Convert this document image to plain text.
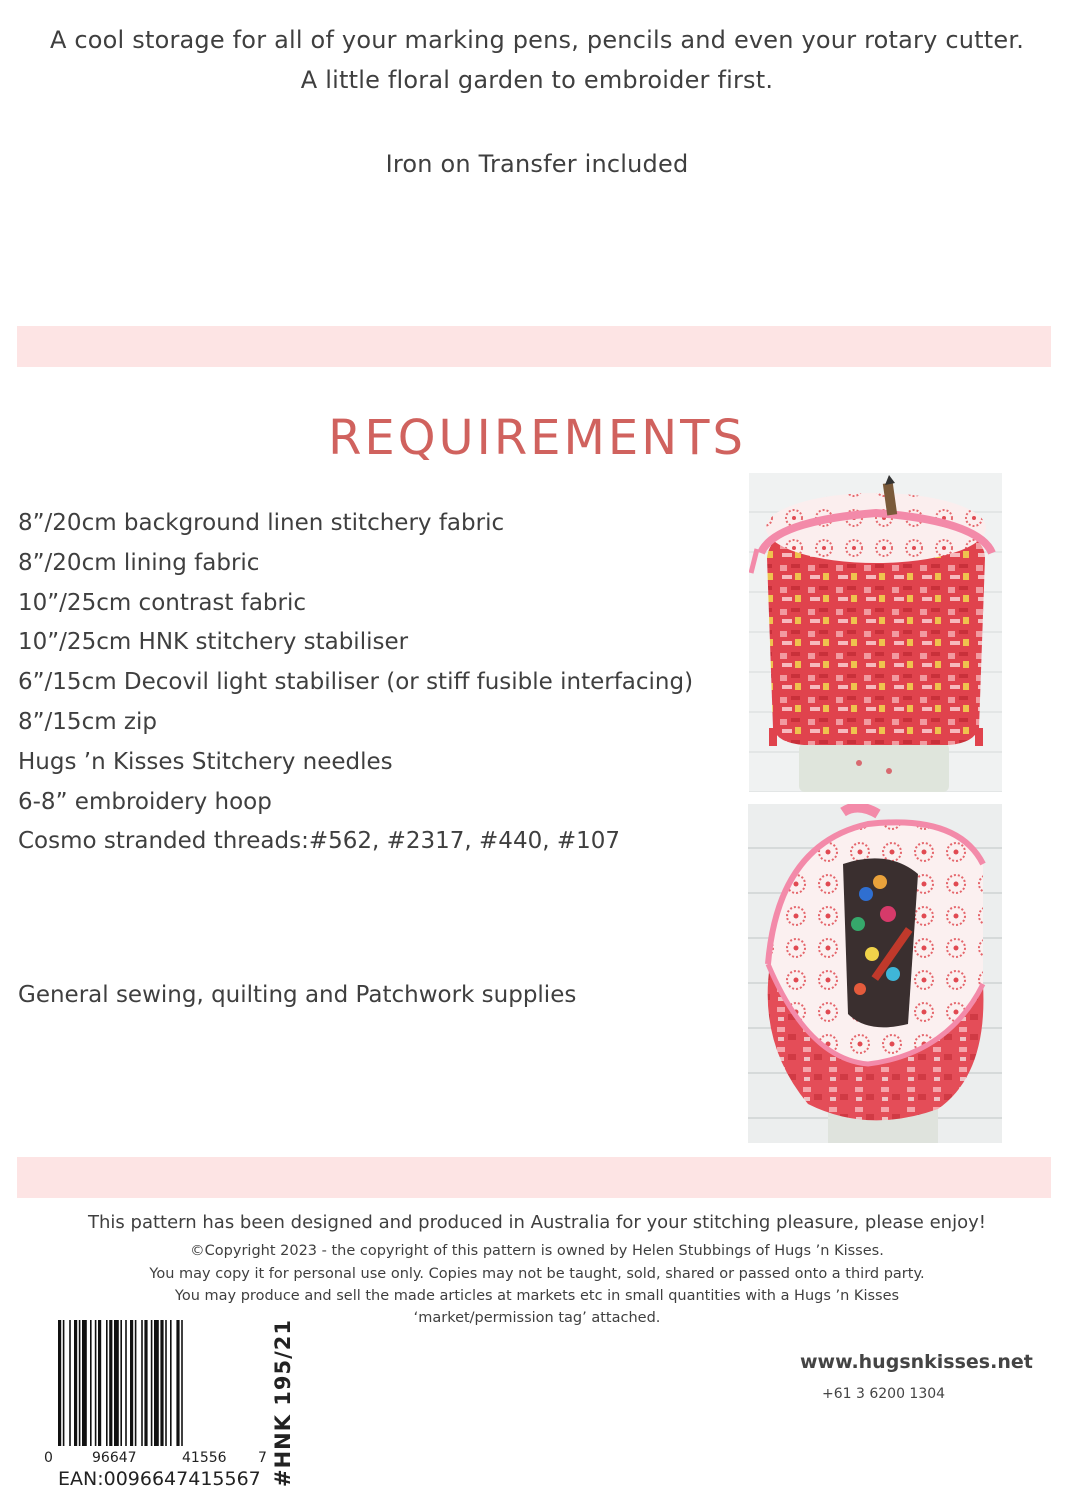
A cool storage for all of your marking pens, pencils and even your rotary cutter.
A little floral garden to embroider first.
Iron on Transfer included
REQUIREMENTS
8”/20cm background linen stitchery fabric
8”/20cm lining fabric
10”/25cm contrast fabric
10”/25cm HNK stitchery stabiliser
6”/15cm Decovil light stabiliser (or stiff fusible interfacing)
8”/15cm zip
Hugs ’n Kisses Stitchery needles
6-8” embroidery hoop
Cosmo stranded threads:#562, #2317, #440, #107
General sewing, quilting and Patchwork supplies
This pattern has been designed and produced in Australia for your stitching pleasure, please enjoy!
©Copyright 2023 - the copyright of this pattern is owned by Helen Stubbings of Hugs ’n Kisses.
You may copy it for personal use only. Copies may not be taught, sold, shared or passed onto a third party.
You may produce and sell the made articles at markets etc in small quantities with a Hugs ’n Kisses
‘market/permission tag’ attached.
0	96647	41556 7
EAN:0096647415567 #HNK 195/21	www.hugsnkisses.net
+61 3 6200 1304
